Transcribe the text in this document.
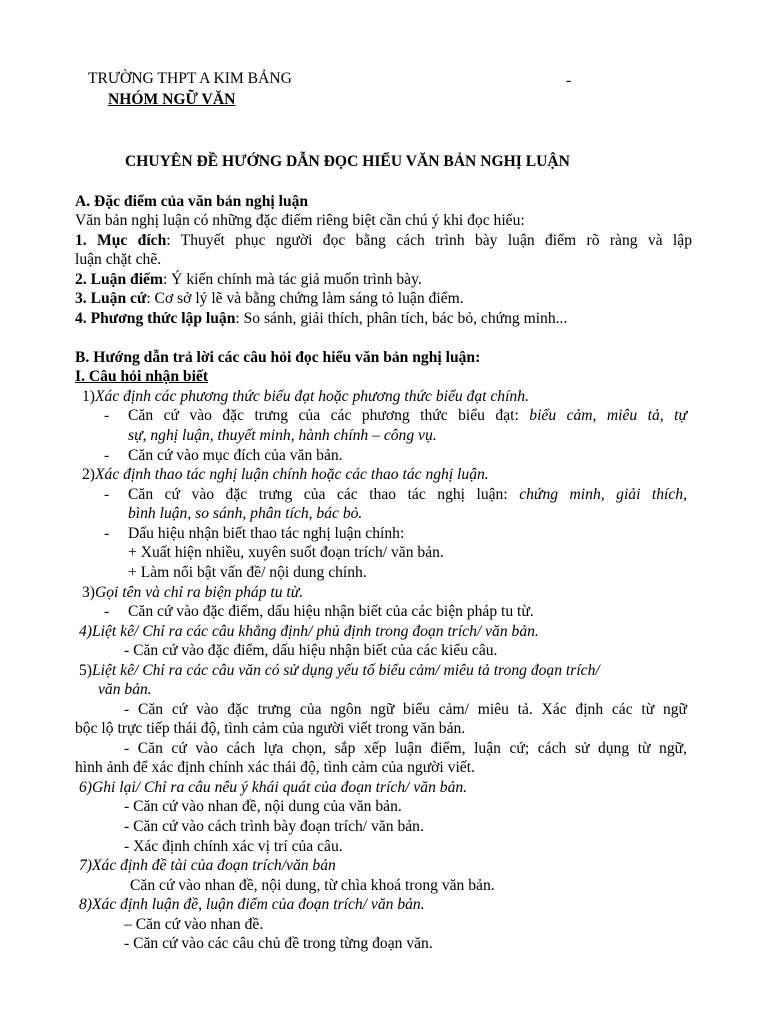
TRƯỜNG THPT A KIM BẢNG	-
NHÓM NGỮ VĂN
CHUYÊN ĐỀ HƯỚNG DẪN ĐỌC HIỂU VĂN BẢN NGHỊ LUẬN
A. Đặc điểm của văn bản nghị luận
Văn bản nghị luận có những đặc điểm riêng biệt cần chú ý khi đọc hiểu:
1. Mục đích: Thuyết phục người đọc bằng cách trình bày luận điểm rõ ràng và lập
luận chặt chẽ.
2. Luận điểm: Ý kiến chính mà tác giả muốn trình bày.
3. Luận cứ: Cơ sở lý lẽ và bằng chứng làm sáng tỏ luận điểm.
4. Phương thức lập luận: So sánh, giải thích, phân tích, bác bỏ, chứng minh...
B. Hướng dẫn trả lời các câu hỏi đọc hiểu văn bản nghị luận:
I. Câu hỏi nhận biết
1)Xác định các phương thức biểu đạt hoặc phương thức biểu đạt chính.
- Căn cứ vào đặc trưng của các phương thức biểu đạt: biểu cảm, miêu tả, tự
sự, nghị luận, thuyết minh, hành chính – công vụ.
- Căn cứ vào mục đích của văn bản.
2)Xác định thao tác nghị luận chính hoặc các thao tác nghị luận.
- Căn cứ vào đặc trưng của các thao tác nghị luận: chứng minh, giải thích,
bình luận, so sánh, phân tích, bác bỏ.
- Dấu hiệu nhận biết thao tác nghị luận chính:
+ Xuất hiện nhiều, xuyên suốt đoạn trích/ văn bản.
+ Làm nổi bật vấn đề/ nội dung chính.
3)Gọi tên và chỉ ra biện pháp tu từ.
- Căn cứ vào đặc điểm, dấu hiệu nhận biết của các biện pháp tu từ.
4)Liệt kê/ Chỉ ra các câu khẳng định/ phủ định trong đoạn trích/ văn bản.
- Căn cứ vào đặc điểm, dấu hiệu nhận biết của các kiểu câu.
5)Liệt kê/ Chỉ ra các câu văn có sử dụng yếu tố biểu cảm/ miêu tả trong đoạn trích/
văn bản.
- Căn cứ vào đặc trưng của ngôn ngữ biểu cảm/ miêu tả. Xác định các từ ngữ
bộc lộ trực tiếp thái độ, tình cảm của người viết trong văn bản.
- Căn cứ vào cách lựa chọn, sắp xếp luận điểm, luận cứ; cách sử dụng từ ngữ,
hình ảnh để xác định chính xác thái độ, tình cảm của người viết.
6)Ghi lại/ Chỉ ra câu nêu ý khái quát của đoạn trích/ văn bản.
- Căn cứ vào nhan đề, nội dung của văn bản.
- Căn cứ vào cách trình bày đoạn trích/ văn bản.
- Xác định chính xác vị trí của câu.
7)Xác định đề tài của đoạn trích/văn bản
Căn cứ vào nhan đề, nội dung, từ chìa khoá trong văn bản.
8)Xác định luận đề, luận điểm của đoạn trích/ văn bản.
– Căn cứ vào nhan đề.
- Căn cứ vào các câu chủ đề trong từng đoạn văn.
